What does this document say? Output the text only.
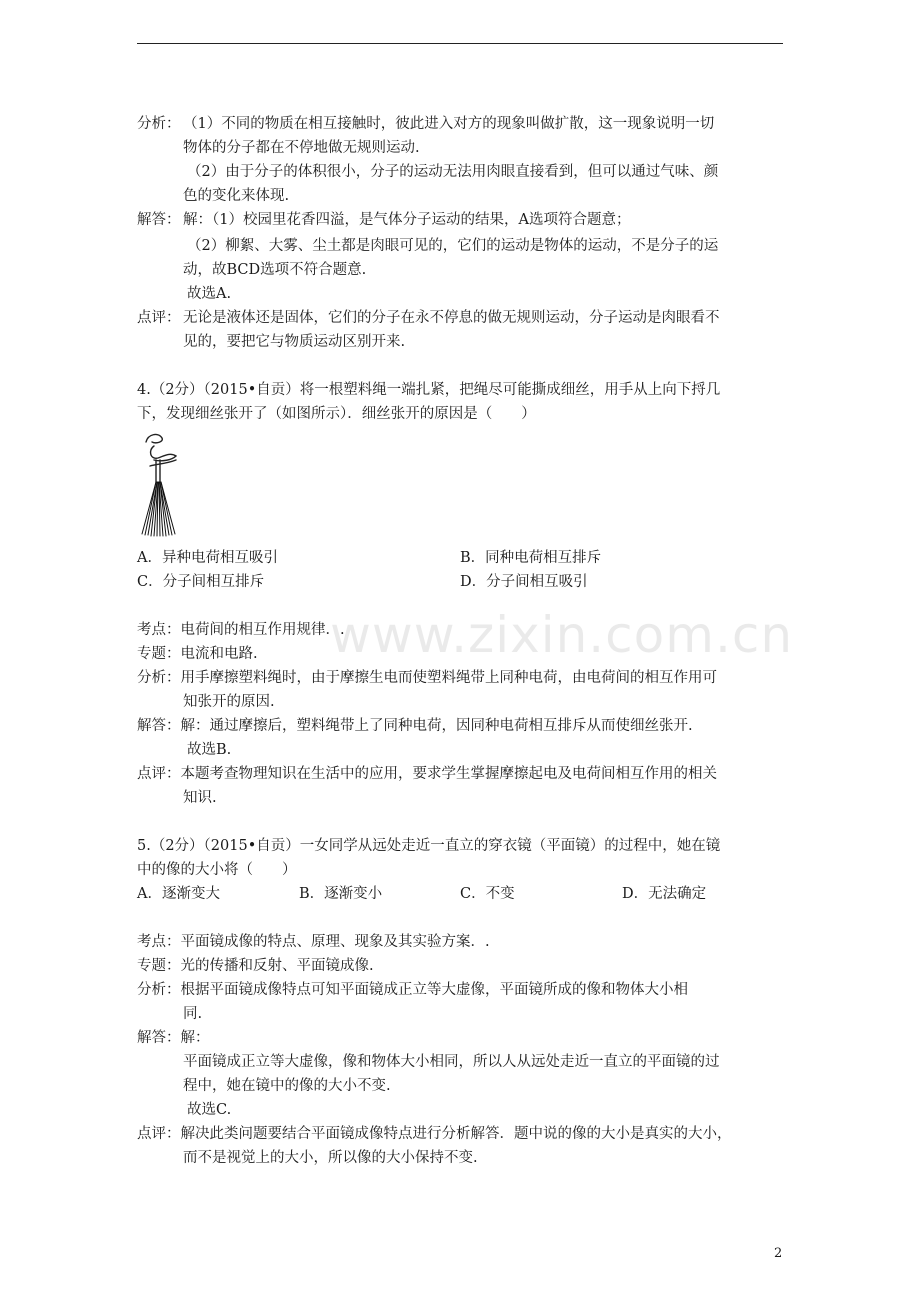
www.zixin.com.cn
分析： （1）不同的物质在相互接触时，彼此进入对方的现象叫做扩散，这一现象说明一切
物体的分子都在不停地做无规则运动.
（2）由于分子的体积很小，分子的运动无法用肉眼直接看到，但可以通过气味、颜
色的变化来体现.
解答： 解：（1）校园里花香四溢，是气体分子运动的结果，A选项符合题意；
（2）柳絮、大雾、尘土都是肉眼可见的，它们的运动是物体的运动，不是分子的运
动，故BCD选项不符合题意.
故选A.
点评： 无论是液体还是固体，它们的分子在永不停息的做无规则运动，分子运动是肉眼看不
见的，要把它与物质运动区别开来.
4.（2分）（2015•自贡）将一根塑料绳一端扎紧，把绳尽可能撕成细丝，用手从上向下捋几
下，发现细丝张开了（如图所示）．细丝张开的原因是（　　）
A．异种电荷相互吸引	B．同种电荷相互排斥
C．分子间相互排斥	D．分子间相互吸引
考点：电荷间的相互作用规律．.
专题：电流和电路.
分析：用手摩擦塑料绳时，由于摩擦生电而使塑料绳带上同种电荷，由电荷间的相互作用可
知张开的原因.
解答：解：通过摩擦后，塑料绳带上了同种电荷，因同种电荷相互排斥从而使细丝张开.
故选B.
点评：本题考查物理知识在生活中的应用，要求学生掌握摩擦起电及电荷间相互作用的相关
知识.
5.（2分）（2015•自贡）一女同学从远处走近一直立的穿衣镜（平面镜）的过程中，她在镜
中的像的大小将（　　）
A．逐渐变大	B．逐渐变小	C．不变	D．无法确定
考点：平面镜成像的特点、原理、现象及其实验方案．.
专题：光的传播和反射、平面镜成像.
分析：根据平面镜成像特点可知平面镜成正立等大虚像，平面镜所成的像和物体大小相
同.
解答：解：
平面镜成正立等大虚像，像和物体大小相同，所以人从远处走近一直立的平面镜的过
程中，她在镜中的像的大小不变.
故选C.
点评：解决此类问题要结合平面镜成像特点进行分析解答．题中说的像的大小是真实的大小，
而不是视觉上的大小，所以像的大小保持不变.
2
